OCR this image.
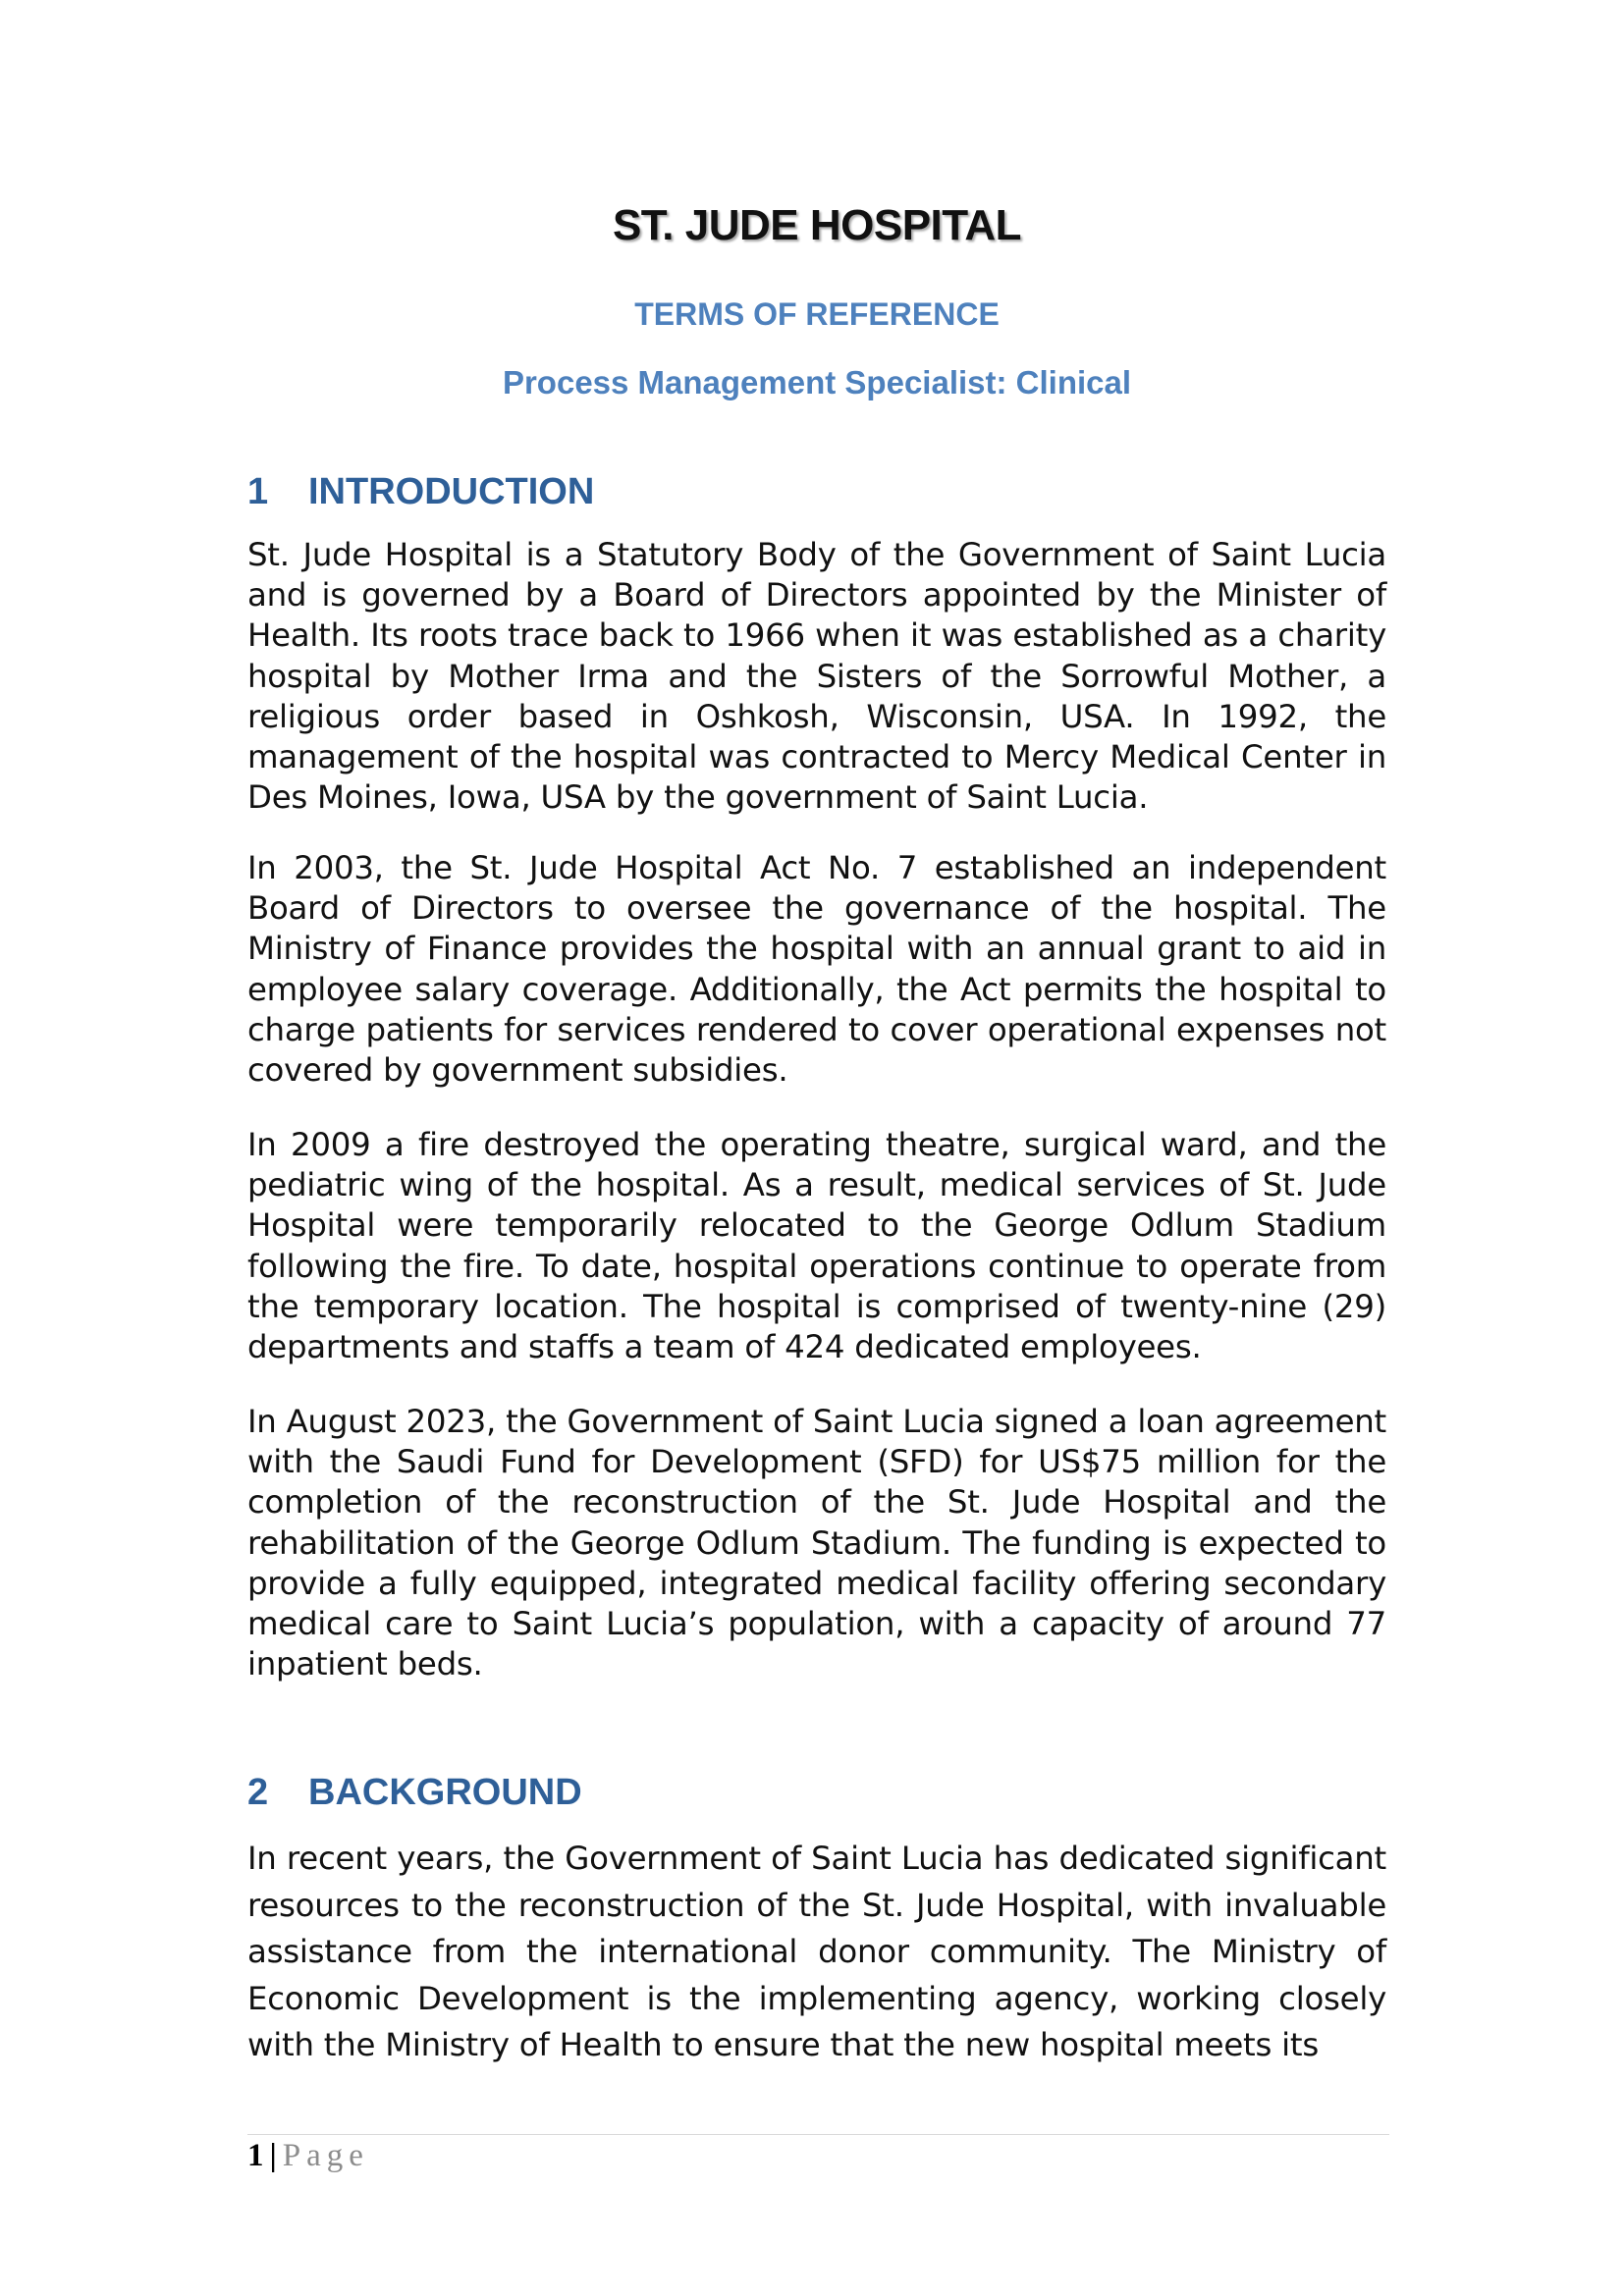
ST. JUDE HOSPITAL
TERMS OF REFERENCE
Process Management Specialist: Clinical
1	INTRODUCTION

St. Jude Hospital is a Statutory Body of the Government of Saint Lucia and is governed by a Board of Directors appointed by the Minister of Health. Its roots trace back to 1966 when it was established as a charity hospital by Mother Irma and the Sisters of the Sorrowful Mother, a religious order based in Oshkosh, Wisconsin, USA. In 1992, the management of the hospital was contracted to Mercy Medical Center in Des Moines, Iowa, USA by the government of Saint Lucia.

In 2003, the St. Jude Hospital Act No. 7 established an independent Board of Directors to oversee the governance of the hospital. The Ministry of Finance provides the hospital with an annual grant to aid in employee salary coverage. Additionally, the Act permits the hospital to charge patients for services rendered to cover operational expenses not covered by government subsidies.

In 2009 a fire destroyed the operating theatre, surgical ward, and the pediatric wing of the hospital. As a result, medical services of St. Jude Hospital were temporarily relocated to the George Odlum Stadium following the fire. To date, hospital operations continue to operate from the temporary location. The hospital is comprised of twenty-nine (29) departments and staffs a team of 424 dedicated employees.

In August 2023, the Government of Saint Lucia signed a loan agreement with the Saudi Fund for Development (SFD) for US$75 million for the completion of the reconstruction of the St. Jude Hospital and the rehabilitation of the George Odlum Stadium. The funding is expected to provide a fully equipped, integrated medical facility offering secondary medical care to Saint Lucia’s population, with a capacity of around 77 inpatient beds.

2	BACKGROUND

In recent years, the Government of Saint Lucia has dedicated significant resources to the reconstruction of the St. Jude Hospital, with invaluable assistance from the international donor community. The Ministry of Economic Development is the implementing agency, working closely with the Ministry of Health to ensure that the new hospital meets its

1 | Page
